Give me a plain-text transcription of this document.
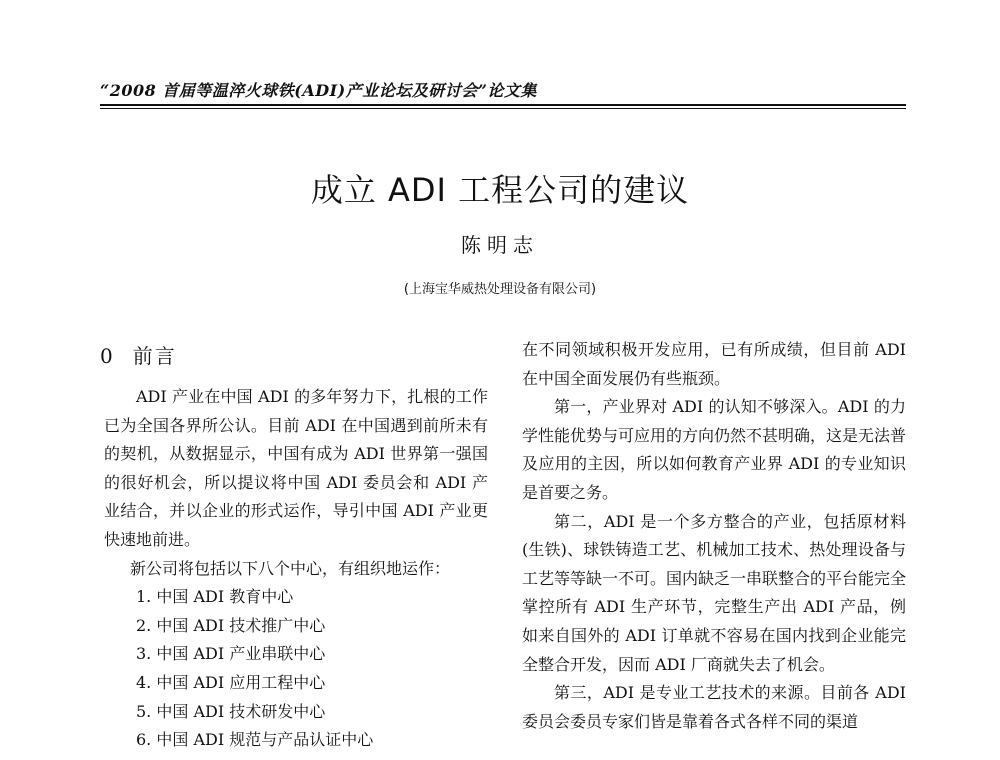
“2008 首届等温淬火球铁(ADI)产业论坛及研讨会”论文集
成立 ADI 工程公司的建议
陈明志
(上海宝华威热处理设备有限公司)
0 前言

ADI 产业在中国 ADI 的多年努力下，扎根的工作已为全国各界所公认。目前 ADI 在中国遇到前所未有的契机，从数据显示，中国有成为 ADI 世界第一强国的很好机会，所以提议将中国 ADI 委员会和 ADI 产业结合，并以企业的形式运作，导引中国 ADI 产业更快速地前进。

新公司将包括以下八个中心，有组织地运作：
1. 中国 ADI 教育中心
2. 中国 ADI 技术推广中心
3. 中国 ADI 产业串联中心
4. 中国 ADI 应用工程中心
5. 中国 ADI 技术研发中心
6. 中国 ADI 规范与产品认证中心

在不同领域积极开发应用，已有所成绩，但目前 ADI 在中国全面发展仍有些瓶颈。

第一，产业界对 ADI 的认知不够深入。ADI 的力学性能优势与可应用的方向仍然不甚明确，这是无法普及应用的主因，所以如何教育产业界 ADI 的专业知识是首要之务。

第二，ADI 是一个多方整合的产业，包括原材料(生铁)、球铁铸造工艺、机械加工技术、热处理设备与工艺等等缺一不可。国内缺乏一串联整合的平台能完全掌控所有 ADI 生产环节，完整生产出 ADI 产品，例如来自国外的 ADI 订单就不容易在国内找到企业能完全整合开发，因而 ADI 厂商就失去了机会。

第三，ADI 是专业工艺技术的来源。目前各 ADI 委员会委员专家们皆是靠着各式各样不同的渠道
